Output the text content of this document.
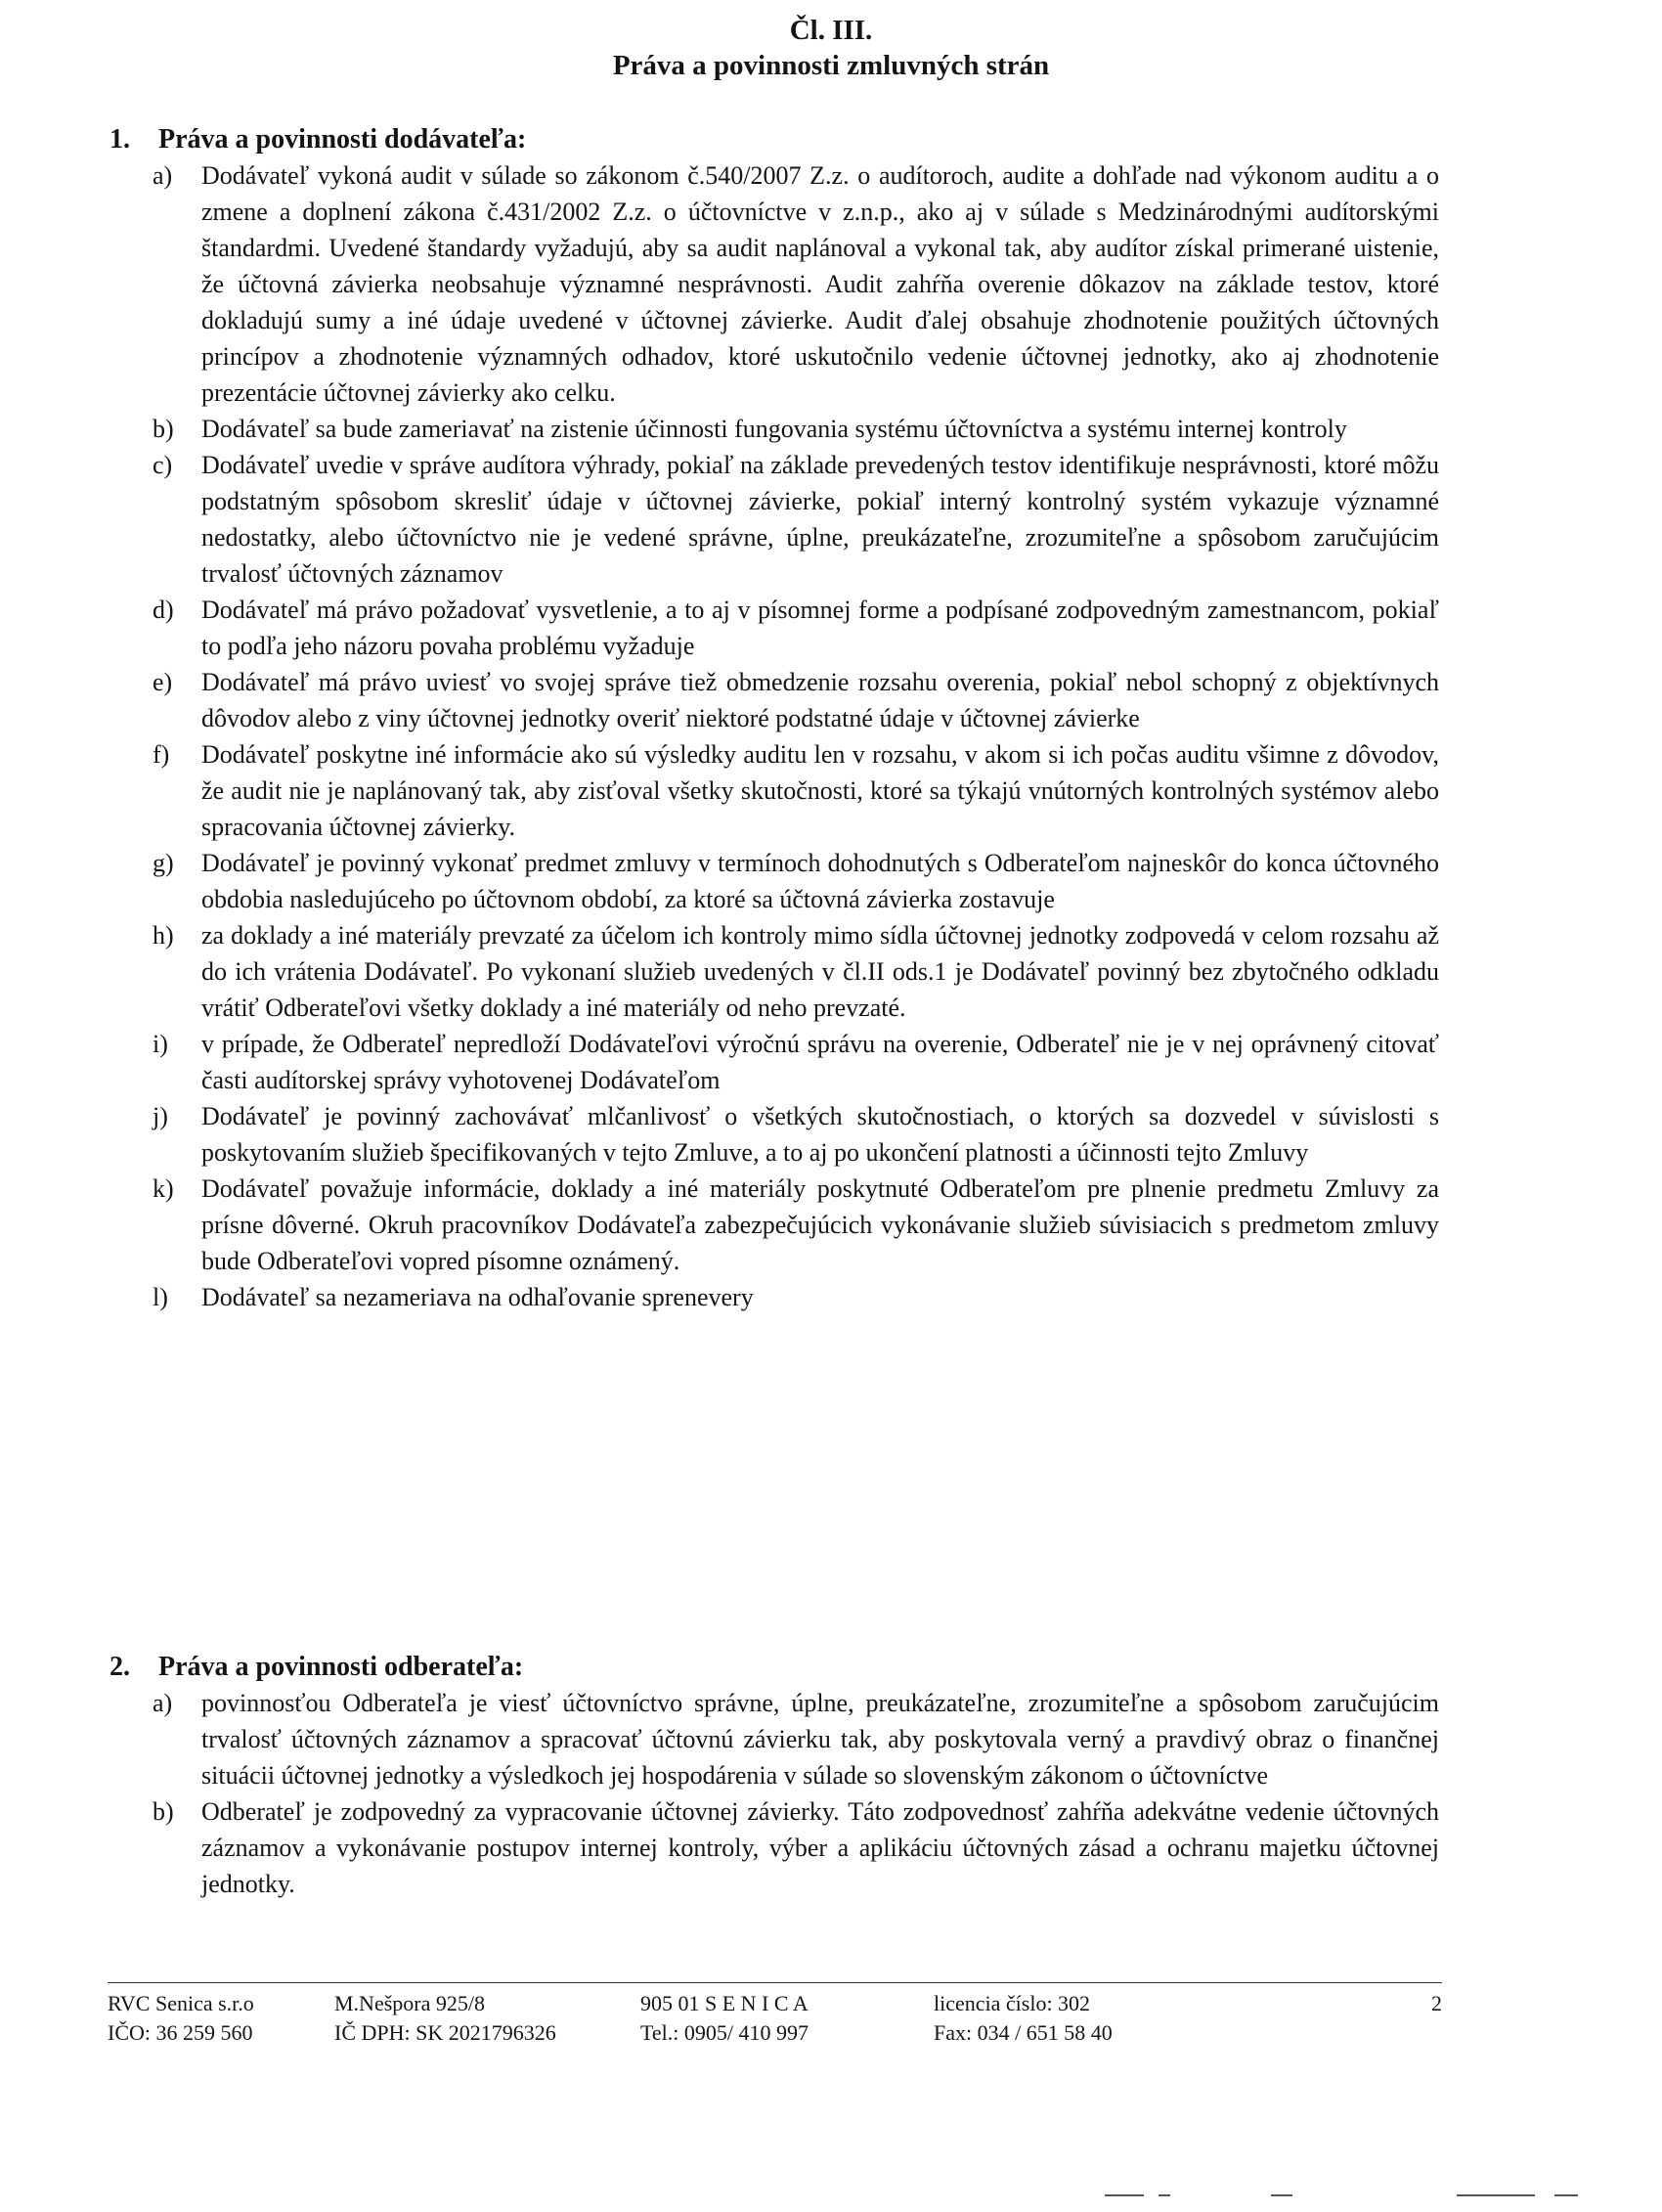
Čl. III.
Práva a povinnosti zmluvných strán

1. Práva a povinnosti dodávateľa:

a) Dodávateľ vykoná audit v súlade so zákonom č.540/2007 Z.z. o audítoroch, audite a dohľade nad výkonom auditu a o zmene a doplnení zákona č.431/2002 Z.z. o účtovníctve v z.n.p., ako aj v súlade s Medzinárodnými audítorskými štandardmi. Uvedené štandardy vyžadujú, aby sa audit naplánoval a vykonal tak, aby audítor získal primerané uistenie, že účtovná závierka neobsahuje významné nesprávnosti. Audit zahŕňa overenie dôkazov na základe testov, ktoré dokladujú sumy a iné údaje uvedené v účtovnej závierke. Audit ďalej obsahuje zhodnotenie použitých účtovných princípov a zhodnotenie významných odhadov, ktoré uskutočnilo vedenie účtovnej jednotky, ako aj zhodnotenie prezentácie účtovnej závierky ako celku.
b) Dodávateľ sa bude zameriavať na zistenie účinnosti fungovania systému účtovníctva a systému internej kontroly
c) Dodávateľ uvedie v správe audítora výhrady, pokiaľ na základe prevedených testov identifikuje nesprávnosti, ktoré môžu podstatným spôsobom skresliť údaje v účtovnej závierke, pokiaľ interný kontrolný systém vykazuje významné nedostatky, alebo účtovníctvo nie je vedené správne, úplne, preukázateľne, zrozumiteľne a spôsobom zaručujúcim trvalosť účtovných záznamov
d) Dodávateľ má právo požadovať vysvetlenie, a to aj v písomnej forme a podpísané zodpovedným zamestnancom, pokiaľ to podľa jeho názoru povaha problému vyžaduje
e) Dodávateľ má právo uviesť vo svojej správe tiež obmedzenie rozsahu overenia, pokiaľ nebol schopný z objektívnych dôvodov alebo z viny účtovnej jednotky overiť niektoré podstatné údaje v účtovnej závierke
f) Dodávateľ poskytne iné informácie ako sú výsledky auditu len v rozsahu, v akom si ich počas auditu všimne z dôvodov, že audit nie je naplánovaný tak, aby zisťoval všetky skutočnosti, ktoré sa týkajú vnútorných kontrolných systémov alebo spracovania účtovnej závierky.
g) Dodávateľ je povinný vykonať predmet zmluvy v termínoch dohodnutých s Odberateľom najneskôr do konca účtovného obdobia nasledujúceho po účtovnom období, za ktoré sa účtovná závierka zostavuje
h) za doklady a iné materiály prevzaté za účelom ich kontroly mimo sídla účtovnej jednotky zodpovedá v celom rozsahu až do ich vrátenia Dodávateľ. Po vykonaní služieb uvedených v čl.II ods.1 je Dodávateľ povinný bez zbytočného odkladu vrátiť Odberateľovi všetky doklady a iné materiály od neho prevzaté.
i) v prípade, že Odberateľ nepredloží Dodávateľovi výročnú správu na overenie, Odberateľ nie je v nej oprávnený citovať časti audítorskej správy vyhotovenej Dodávateľom
j) Dodávateľ je povinný zachovávať mlčanlivosť o všetkých skutočnostiach, o ktorých sa dozvedel v súvislosti s poskytovaním služieb špecifikovaných v tejto Zmluve, a to aj po ukončení platnosti a účinnosti tejto Zmluvy
k) Dodávateľ považuje informácie, doklady a iné materiály poskytnuté Odberateľom pre plnenie predmetu Zmluvy za prísne dôverné. Okruh pracovníkov Dodávateľa zabezpečujúcich vykonávanie služieb súvisiacich s predmetom zmluvy bude Odberateľovi vopred písomne oznámený.
l) Dodávateľ sa nezameriava na odhaľovanie sprenevery

2. Práva a povinnosti odberateľa:

a) povinnosťou Odberateľa je viesť účtovníctvo správne, úplne, preukázateľne, zrozumiteľne a spôsobom zaručujúcim trvalosť účtovných záznamov a spracovať účtovnú závierku tak, aby poskytovala verný a pravdivý obraz o finančnej situácii účtovnej jednotky a výsledkoch jej hospodárenia v súlade so slovenským zákonom o účtovníctve
b) Odberateľ je zodpovedný za vypracovanie účtovnej závierky. Táto zodpovednosť zahŕňa adekvátne vedenie účtovných záznamov a vykonávanie postupov internej kontroly, výber a aplikáciu účtovných zásad a ochranu majetku účtovnej jednotky.
RVC Senica s.r.o	M.Nešpora 925/8	905 01 S E N I C A	licencia číslo: 302	2
IČO: 36 259 560	IČ DPH: SK 2021796326	Tel.: 0905/ 410 997	Fax: 034 / 651 58 40
